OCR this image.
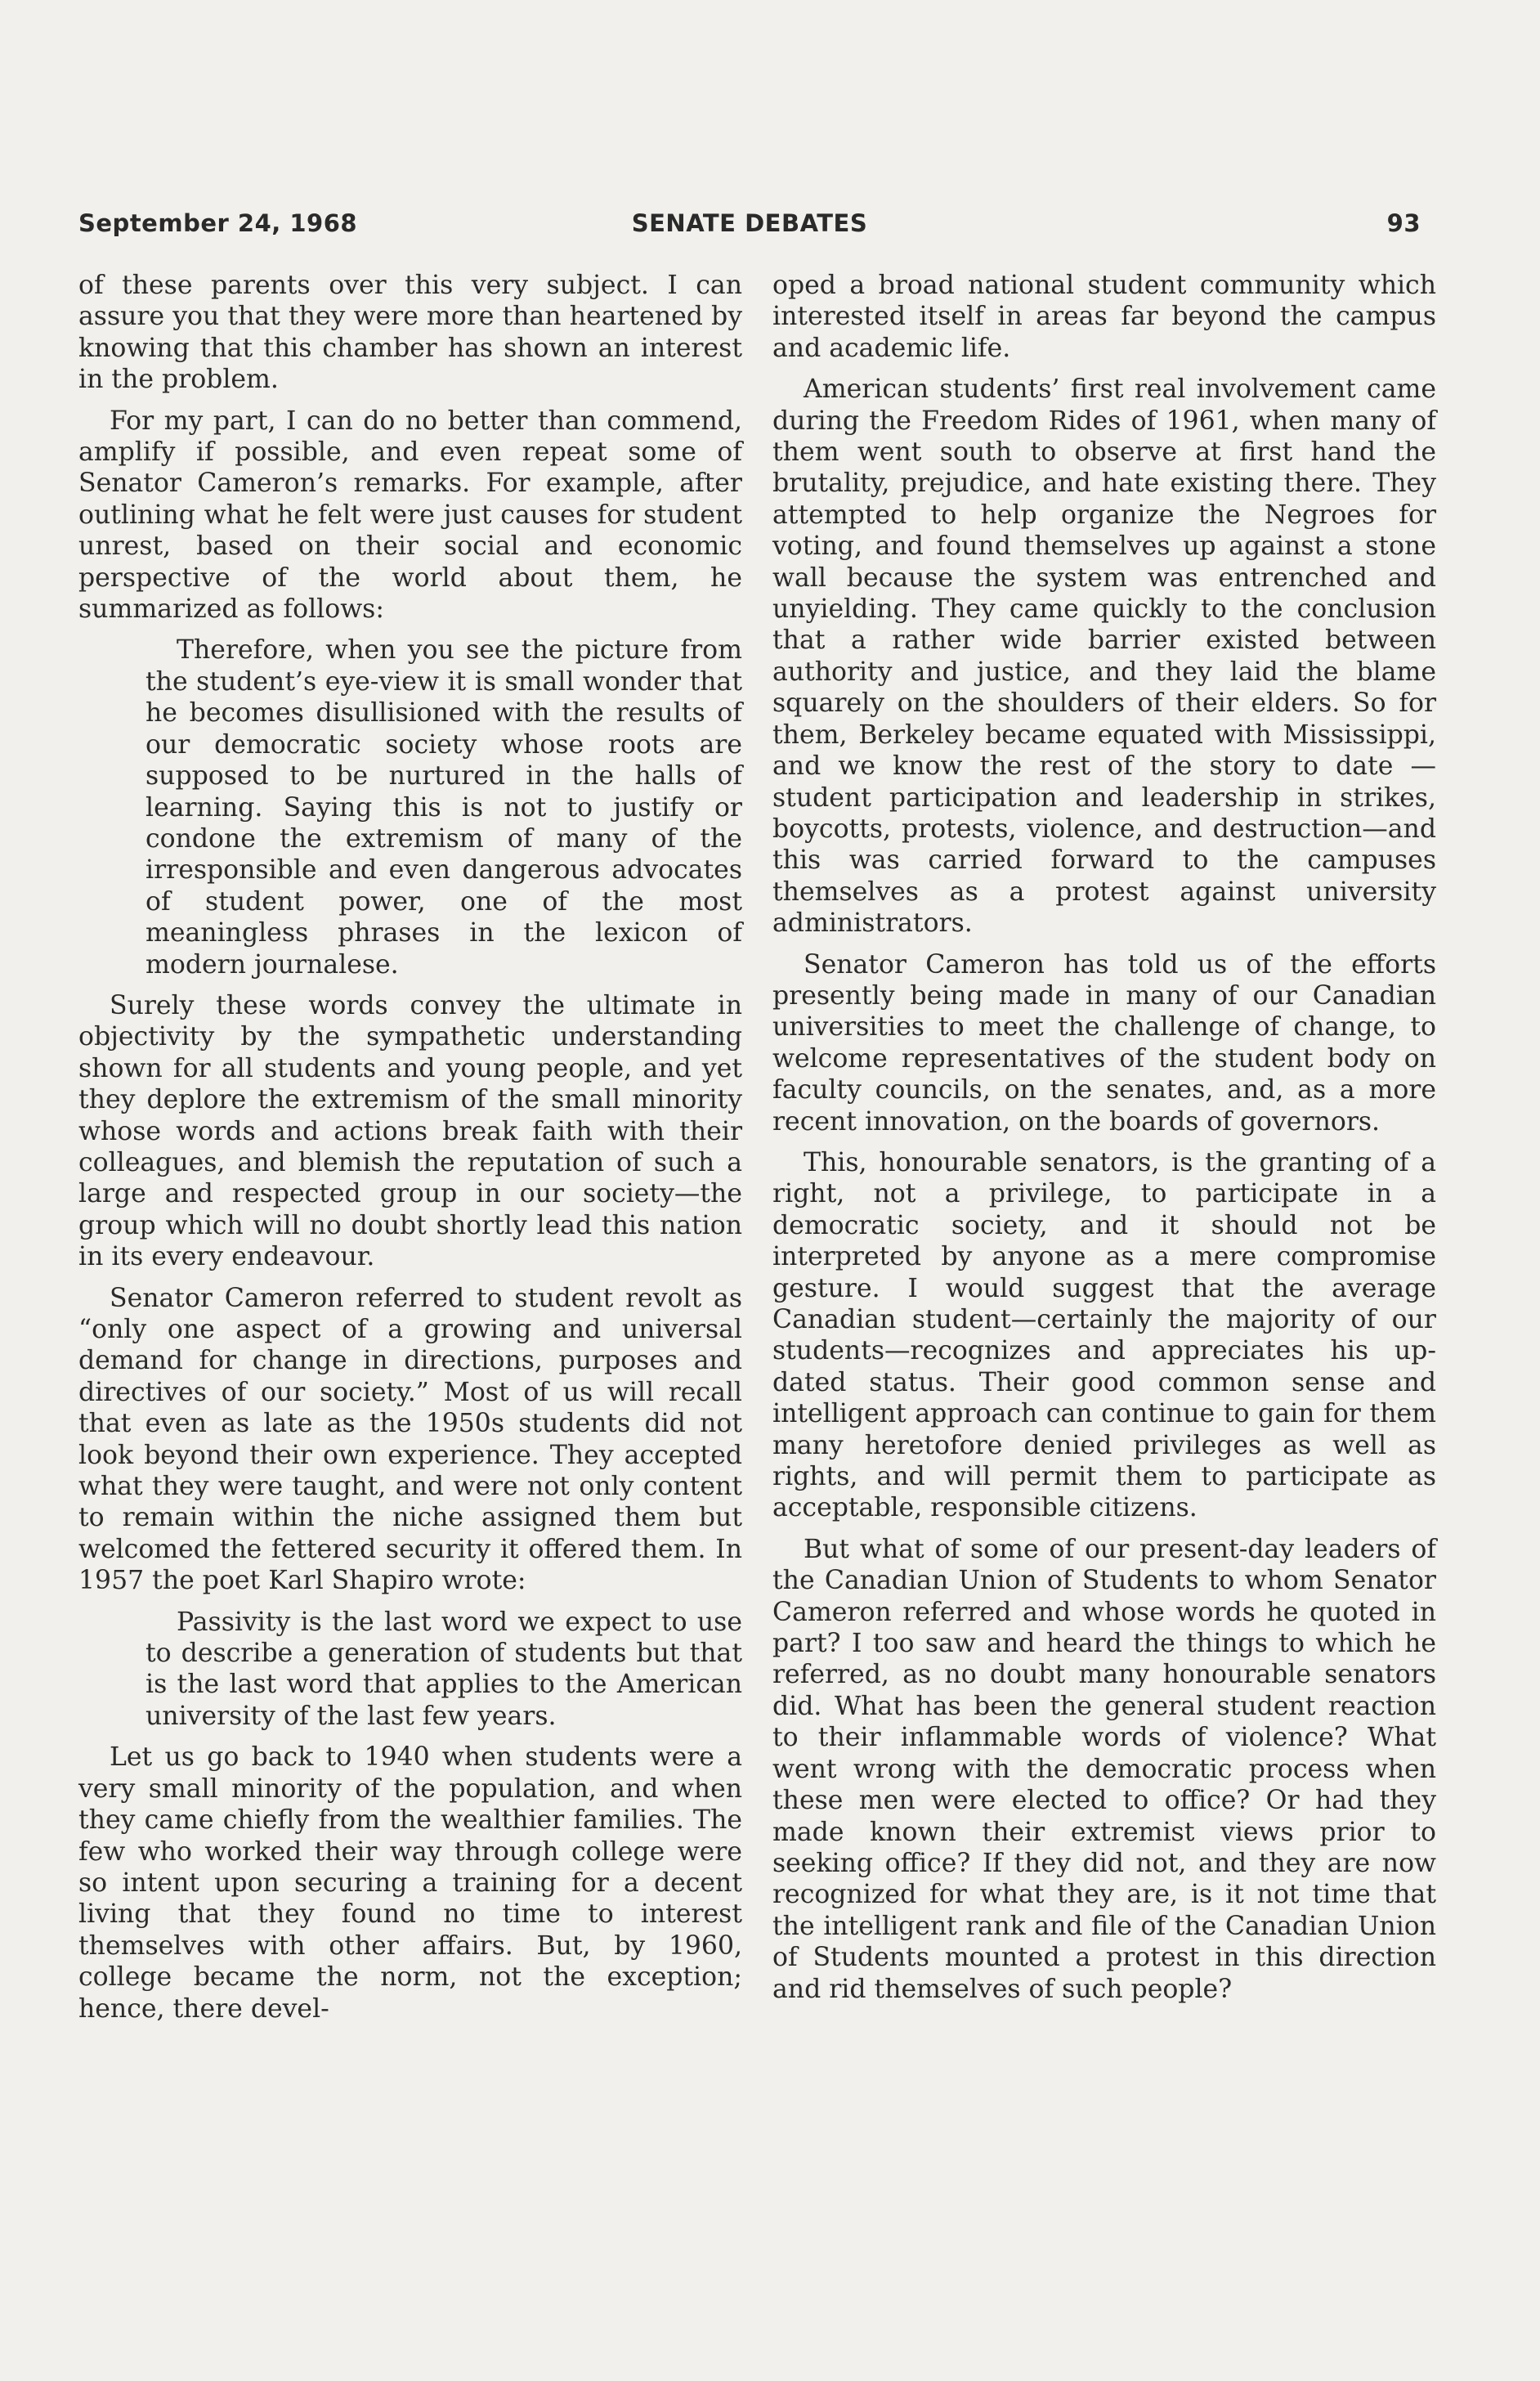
September 24, 1968	SENATE DEBATES	93

of these parents over this very subject. I can assure you that they were more than heartened by knowing that this chamber has shown an interest in the problem.

For my part, I can do no better than commend, amplify if possible, and even repeat some of Senator Cameron’s remarks. For example, after outlining what he felt were just causes for student unrest, based on their social and economic perspective of the world about them, he summarized as follows:

Therefore, when you see the picture from the student’s eye-view it is small wonder that he becomes disullisioned with the results of our democratic society whose roots are supposed to be nurtured in the halls of learning. Saying this is not to justify or condone the extremism of many of the irresponsible and even dangerous advocates of student power, one of the most meaningless phrases in the lexicon of modern journalese.

Surely these words convey the ultimate in objectivity by the sympathetic understanding shown for all students and young people, and yet they deplore the extremism of the small minority whose words and actions break faith with their colleagues, and blemish the reputation of such a large and respected group in our society—the group which will no doubt shortly lead this nation in its every endeavour.

Senator Cameron referred to student revolt as “only one aspect of a growing and universal demand for change in directions, purposes and directives of our society.” Most of us will recall that even as late as the 1950s students did not look beyond their own experience. They accepted what they were taught, and were not only content to remain within the niche assigned them but welcomed the fettered security it offered them. In 1957 the poet Karl Shapiro wrote:

Passivity is the last word we expect to use to describe a generation of students but that is the last word that applies to the American university of the last few years.

Let us go back to 1940 when students were a very small minority of the population, and when they came chiefly from the wealthier families. The few who worked their way through college were so intent upon securing a training for a decent living that they found no time to interest themselves with other affairs. But, by 1960, college became the norm, not the exception; hence, there devel-

oped a broad national student community which interested itself in areas far beyond the campus and academic life.

American students’ first real involvement came during the Freedom Rides of 1961, when many of them went south to observe at first hand the brutality, prejudice, and hate existing there. They attempted to help organize the Negroes for voting, and found themselves up against a stone wall because the system was entrenched and unyielding. They came quickly to the conclusion that a rather wide barrier existed between authority and justice, and they laid the blame squarely on the shoulders of their elders. So for them, Berkeley became equated with Mississippi, and we know the rest of the story to date —student participation and leadership in strikes, boycotts, protests, violence, and destruction—and this was carried forward to the campuses themselves as a protest against university administrators.

Senator Cameron has told us of the efforts presently being made in many of our Canadian universities to meet the challenge of change, to welcome representatives of the student body on faculty councils, on the senates, and, as a more recent innovation, on the boards of governors.

This, honourable senators, is the granting of a right, not a privilege, to participate in a democratic society, and it should not be interpreted by anyone as a mere compromise gesture. I would suggest that the average Canadian student—certainly the majority of our students—recognizes and appreciates his up-dated status. Their good common sense and intelligent approach can continue to gain for them many heretofore denied privileges as well as rights, and will permit them to participate as acceptable, responsible citizens.

But what of some of our present-day leaders of the Canadian Union of Students to whom Senator Cameron referred and whose words he quoted in part? I too saw and heard the things to which he referred, as no doubt many honourable senators did. What has been the general student reaction to their inflammable words of violence? What went wrong with the democratic process when these men were elected to office? Or had they made known their extremist views prior to seeking office? If they did not, and they are now recognized for what they are, is it not time that the intelligent rank and file of the Canadian Union of Students mounted a protest in this direction and rid themselves of such people?
